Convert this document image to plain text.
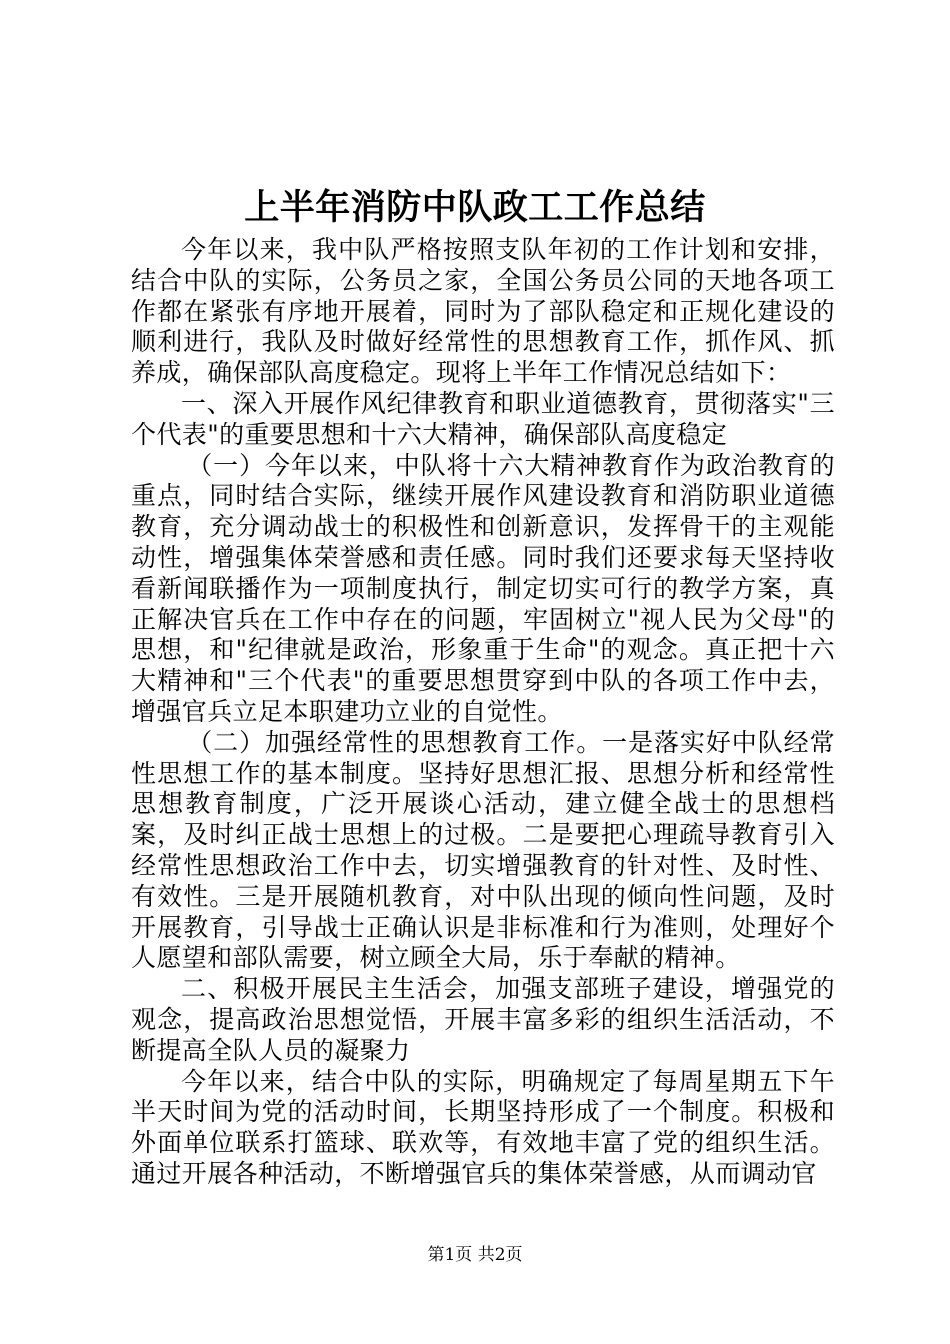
上半年消防中队政工工作总结

今年以来，我中队严格按照支队年初的工作计划和安排，结合中队的实际，公务员之家，全国公务员公同的天地各项工作都在紧张有序地开展着，同时为了部队稳定和正规化建设的顺利进行，我队及时做好经常性的思想教育工作，抓作风、抓养成，确保部队高度稳定。现将上半年工作情况总结如下：

一、深入开展作风纪律教育和职业道德教育，贯彻落实"三个代表"的重要思想和十六大精神，确保部队高度稳定

（一）今年以来，中队将十六大精神教育作为政治教育的重点，同时结合实际，继续开展作风建设教育和消防职业道德教育，充分调动战士的积极性和创新意识，发挥骨干的主观能动性，增强集体荣誉感和责任感。同时我们还要求每天坚持收看新闻联播作为一项制度执行，制定切实可行的教学方案，真正解决官兵在工作中存在的问题，牢固树立"视人民为父母"的思想，和"纪律就是政治，形象重于生命"的观念。真正把十六大精神和"三个代表"的重要思想贯穿到中队的各项工作中去，增强官兵立足本职建功立业的自觉性。

（二）加强经常性的思想教育工作。一是落实好中队经常性思想工作的基本制度。坚持好思想汇报、思想分析和经常性思想教育制度，广泛开展谈心活动，建立健全战士的思想档案，及时纠正战士思想上的过极。二是要把心理疏导教育引入经常性思想政治工作中去，切实增强教育的针对性、及时性、有效性。三是开展随机教育，对中队出现的倾向性问题，及时开展教育，引导战士正确认识是非标准和行为准则，处理好个人愿望和部队需要，树立顾全大局，乐于奉献的精神。

二、积极开展民主生活会，加强支部班子建设，增强党的观念，提高政治思想觉悟，开展丰富多彩的组织生活活动，不断提高全队人员的凝聚力

今年以来，结合中队的实际，明确规定了每周星期五下午半天时间为党的活动时间，长期坚持形成了一个制度。积极和外面单位联系打篮球、联欢等，有效地丰富了党的组织生活。通过开展各种活动，不断增强官兵的集体荣誉感，从而调动官

第1页 共2页
